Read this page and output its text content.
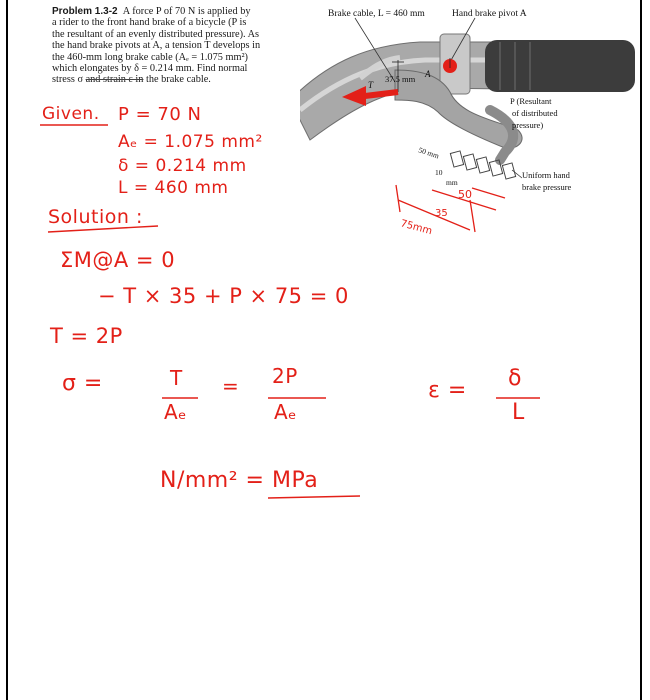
Problem 1.3-2 A force P of 70 N is applied by
a rider to the front hand brake of a bicycle (P is
the resultant of an evenly distributed pressure). As
the hand brake pivots at A, a tension T develops in
the 460-mm long brake cable (Aₑ = 1.075 mm²)
which elongates by δ = 0.214 mm. Find normal
stress σ and strain ε in the brake cable.
Brake cable, L = 460 mm	Hand brake pivot A
37.5 mm A
T
P (Resultant
of distributed
pressure)
50 mm
10
mm
Uniform hand
brake pressure
50
35
75mm
Given. P = 70 N
Aₑ = 1.075 mm²
δ = 0.214 mm
L = 460 mm
Solution :
ΣM@A = 0
− T × 35 + P × 75 = 0
T = 2P
σ =	T
Aₑ
= 2P
Aₑ
ε = δ
L
N/mm² = MPa
